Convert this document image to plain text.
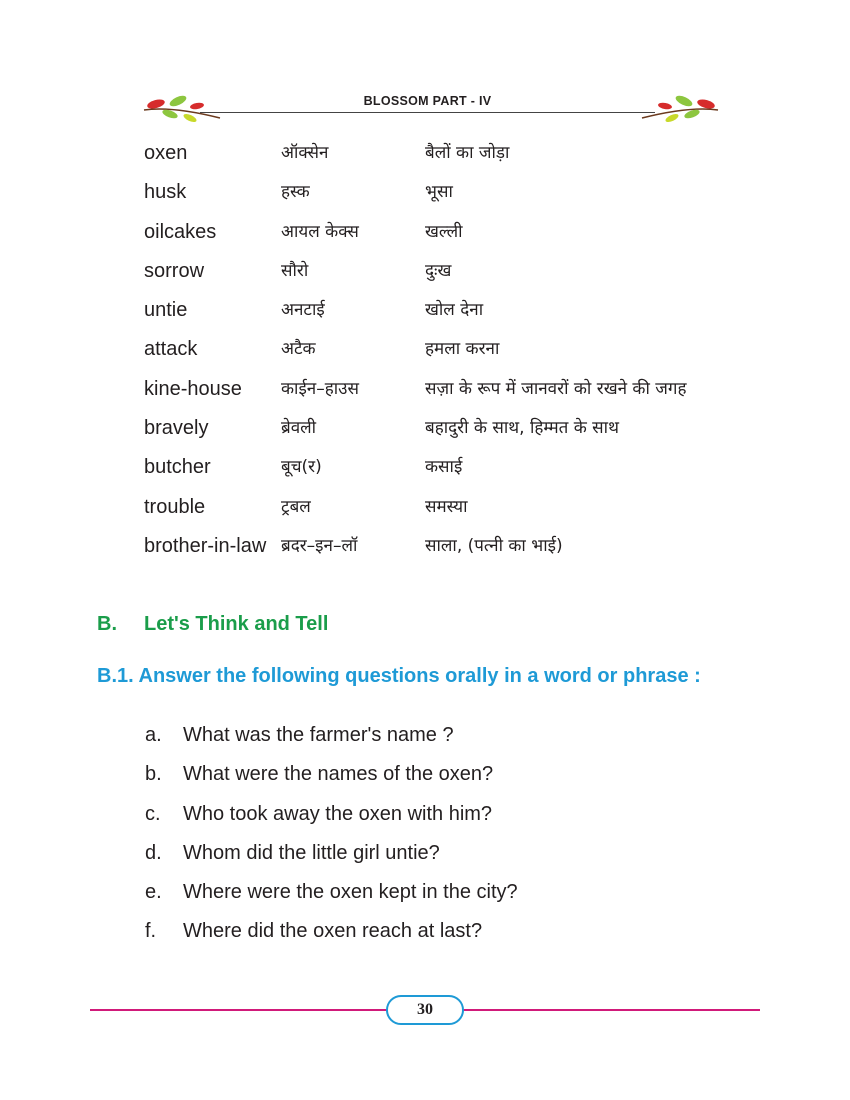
BLOSSOM PART - IV
oxen	ऑक्सेन	बैलों का जोड़ा
husk	हस्क	भूसा
oilcakes	आयल केक्स	खल्ली
sorrow	सौरो	दुःख
untie	अनटाई	खोल देना
attack	अटैक	हमला करना
kine-house काईन–हाउस	सज़ा के रूप में जानवरों को रखने की जगह
bravely	ब्रेवली	बहादुरी के साथ, हिम्मत के साथ
butcher	बूच(र)	कसाई
trouble	ट्रबल	समस्या
brother-in-law ब्रदर–इन–लॉ	साला, (पत्नी का भाई)
B. Let's Think and Tell
B.1. Answer the following questions orally in a word or phrase :
a. What was the farmer's name ?
b. What were the names of the oxen?
c. Who took away the oxen with him?
d. Whom did the little girl untie?
e. Where were the oxen kept in the city?
f. Where did the oxen reach at last?
30
